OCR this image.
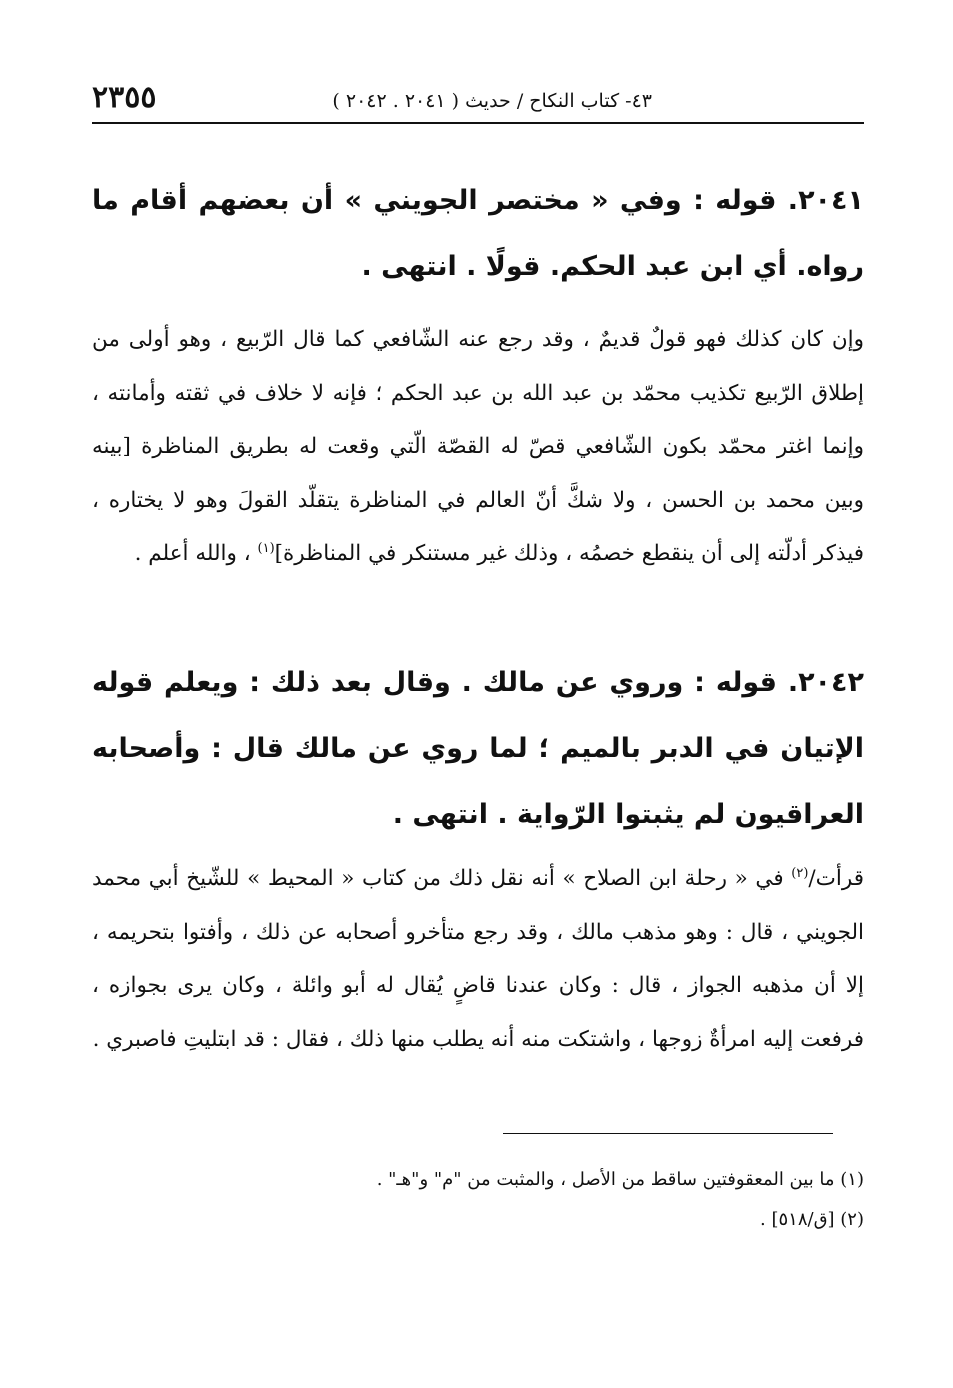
٢٣٥٥	٤٣- كتاب النكاح / حديث ( ٢٠٤١ . ٢٠٤٢ )
٢٠٤١. قوله : وفي « مختصر الجويني » أن بعضهم أقام ما رواه. أي ابن عبد الحكم. قولًا . انتهى .

وإن كان كذلك فهو قولٌ قديمٌ ، وقد رجع عنه الشّافعي كما قال الرّبيع ، وهو أولى من إطلاق الرّبيع تكذيب محمّد بن عبد الله بن عبد الحكم ؛ فإنه لا خلاف في ثقته وأمانته ، وإنما اغتر محمّد بكون الشّافعي قصّ له القصّة الّتي وقعت له بطريق المناظرة [بينه وبين محمد بن الحسن ، ولا شكَّ أنّ العالم في المناظرة يتقلّد القولَ وهو لا يختاره ، فيذكر أدلّته إلى أن ينقطع خصمُه ، وذلك غير مستنكر في المناظرة]$^{(١)}$ ، والله أعلم .

٢٠٤٢. قوله : وروي عن مالك . وقال بعد ذلك : ويعلم قوله الإتيان في الدبر بالميم ؛ لما روي عن مالك قال : وأصحابه العراقيون لم يثبتوا الرّواية . انتهى .

قرأت/$^{(٢)}$ في « رحلة ابن الصلاح » أنه نقل ذلك من كتاب « المحيط » للشّيخ أبي محمد الجويني ، قال : وهو مذهب مالك ، وقد رجع متأخرو أصحابه عن ذلك ، وأفتوا بتحريمه ، إلا أن مذهبه الجواز ، قال : وكان عندنا قاضٍ يُقال له أبو وائلة ، وكان يرى بجوازه ، فرفعت إليه امرأةٌ زوجها ، واشتكت منه أنه يطلب منها ذلك ، فقال : قد ابتليتِ فاصبري .

(١) ما بين المعقوفتين ساقط من الأصل ، والمثبت من "م" و"هـ" .

(٢) [ق/٥١٨] .
